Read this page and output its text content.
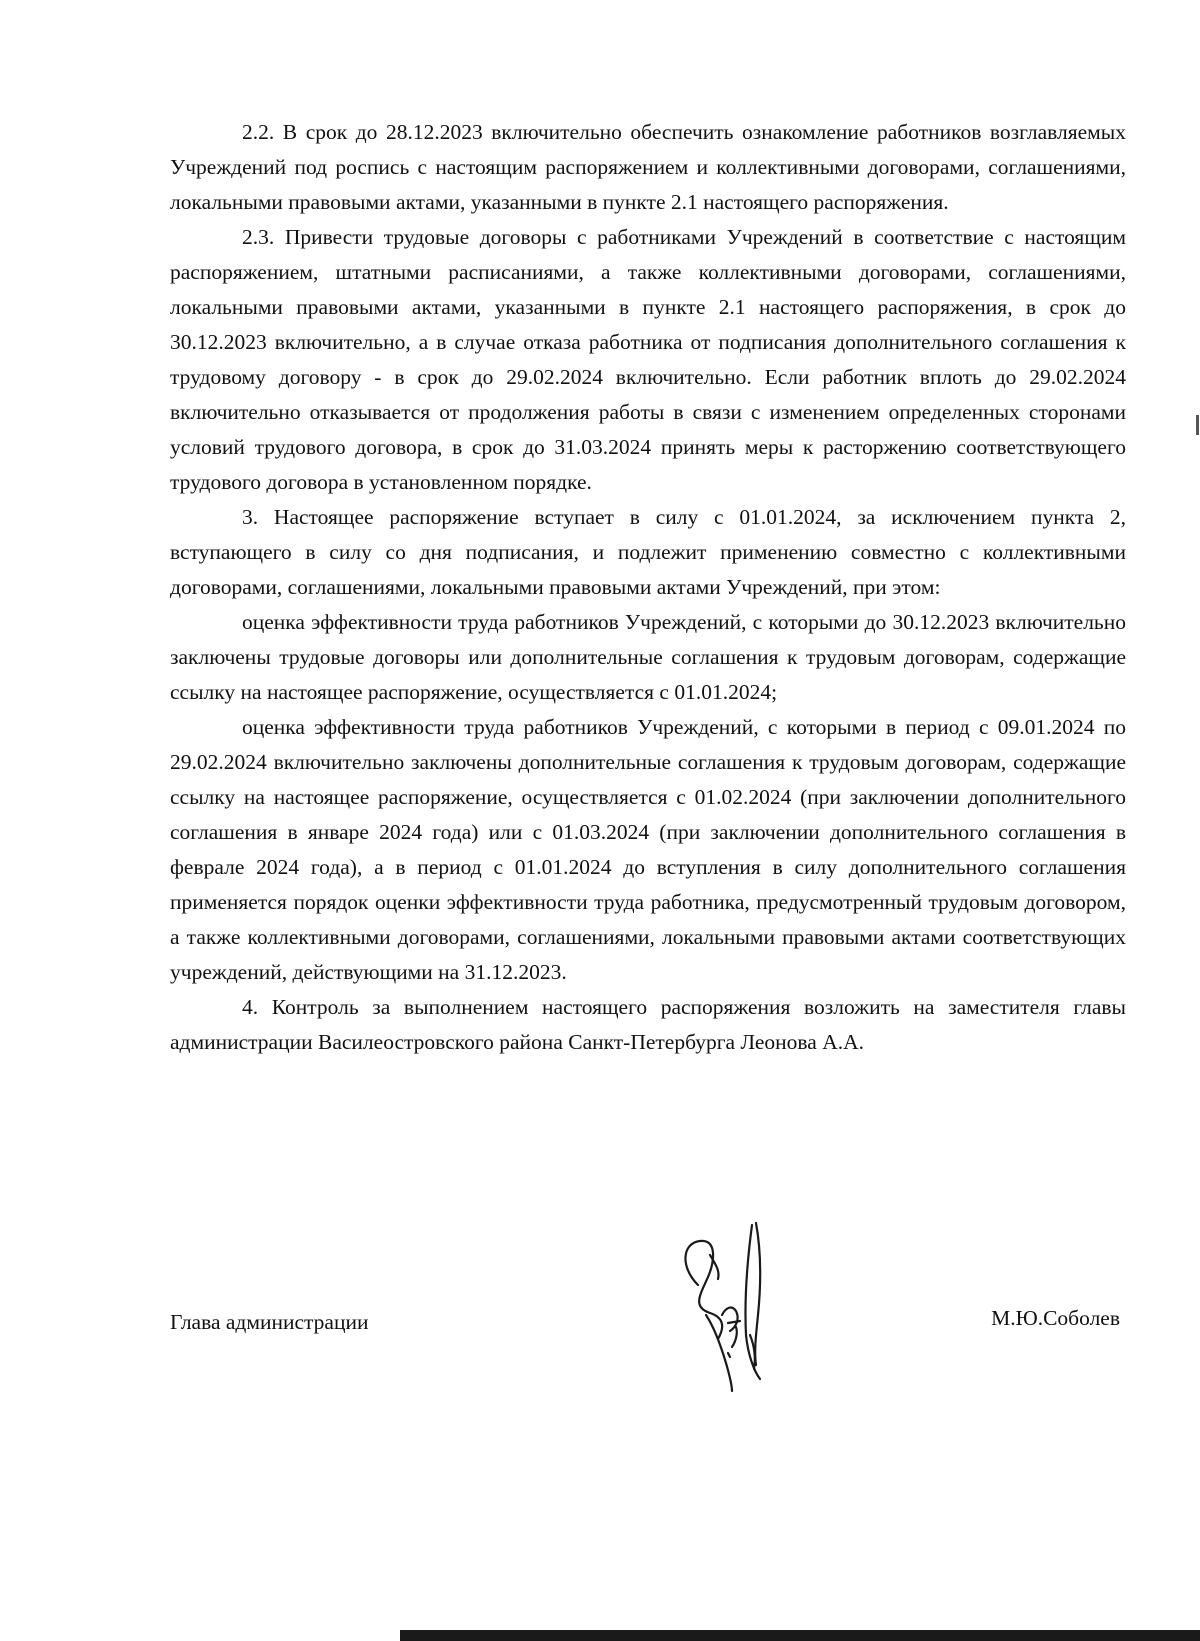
2.2. В срок до 28.12.2023 включительно обеспечить ознакомление работников возглавляемых Учреждений под роспись с настоящим распоряжением и коллективными договорами, соглашениями, локальными правовыми актами, указанными в пункте 2.1 настоящего распоряжения.

2.3. Привести трудовые договоры с работниками Учреждений в соответствие с настоящим распоряжением, штатными расписаниями, а также коллективными договорами, соглашениями, локальными правовыми актами, указанными в пункте 2.1 настоящего распоряжения, в срок до 30.12.2023 включительно, а в случае отказа работника от подписания дополнительного соглашения к трудовому договору - в срок до 29.02.2024 включительно. Если работник вплоть до 29.02.2024 включительно отказывается от продолжения работы в связи с изменением определенных сторонами условий трудового договора, в срок до 31.03.2024 принять меры к расторжению соответствующего трудового договора в установленном порядке.

3. Настоящее распоряжение вступает в силу с 01.01.2024, за исключением пункта 2, вступающего в силу со дня подписания, и подлежит применению совместно с коллективными договорами, соглашениями, локальными правовыми актами Учреждений, при этом:

оценка эффективности труда работников Учреждений, с которыми до 30.12.2023 включительно заключены трудовые договоры или дополнительные соглашения к трудовым договорам, содержащие ссылку на настоящее распоряжение, осуществляется с 01.01.2024;

оценка эффективности труда работников Учреждений, с которыми в период с 09.01.2024 по 29.02.2024 включительно заключены дополнительные соглашения к трудовым договорам, содержащие ссылку на настоящее распоряжение, осуществляется с 01.02.2024 (при заключении дополнительного соглашения в январе 2024 года) или с 01.03.2024 (при заключении дополнительного соглашения в феврале 2024 года), а в период с 01.01.2024 до вступления в силу дополнительного соглашения применяется порядок оценки эффективности труда работника, предусмотренный трудовым договором, а также коллективными договорами, соглашениями, локальными правовыми актами соответствующих учреждений, действующими на 31.12.2023.

4. Контроль за выполнением настоящего распоряжения возложить на заместителя главы администрации Василеостровского района Санкт-Петербурга Леонова А.А.

Глава администрации	М.Ю.Соболев
